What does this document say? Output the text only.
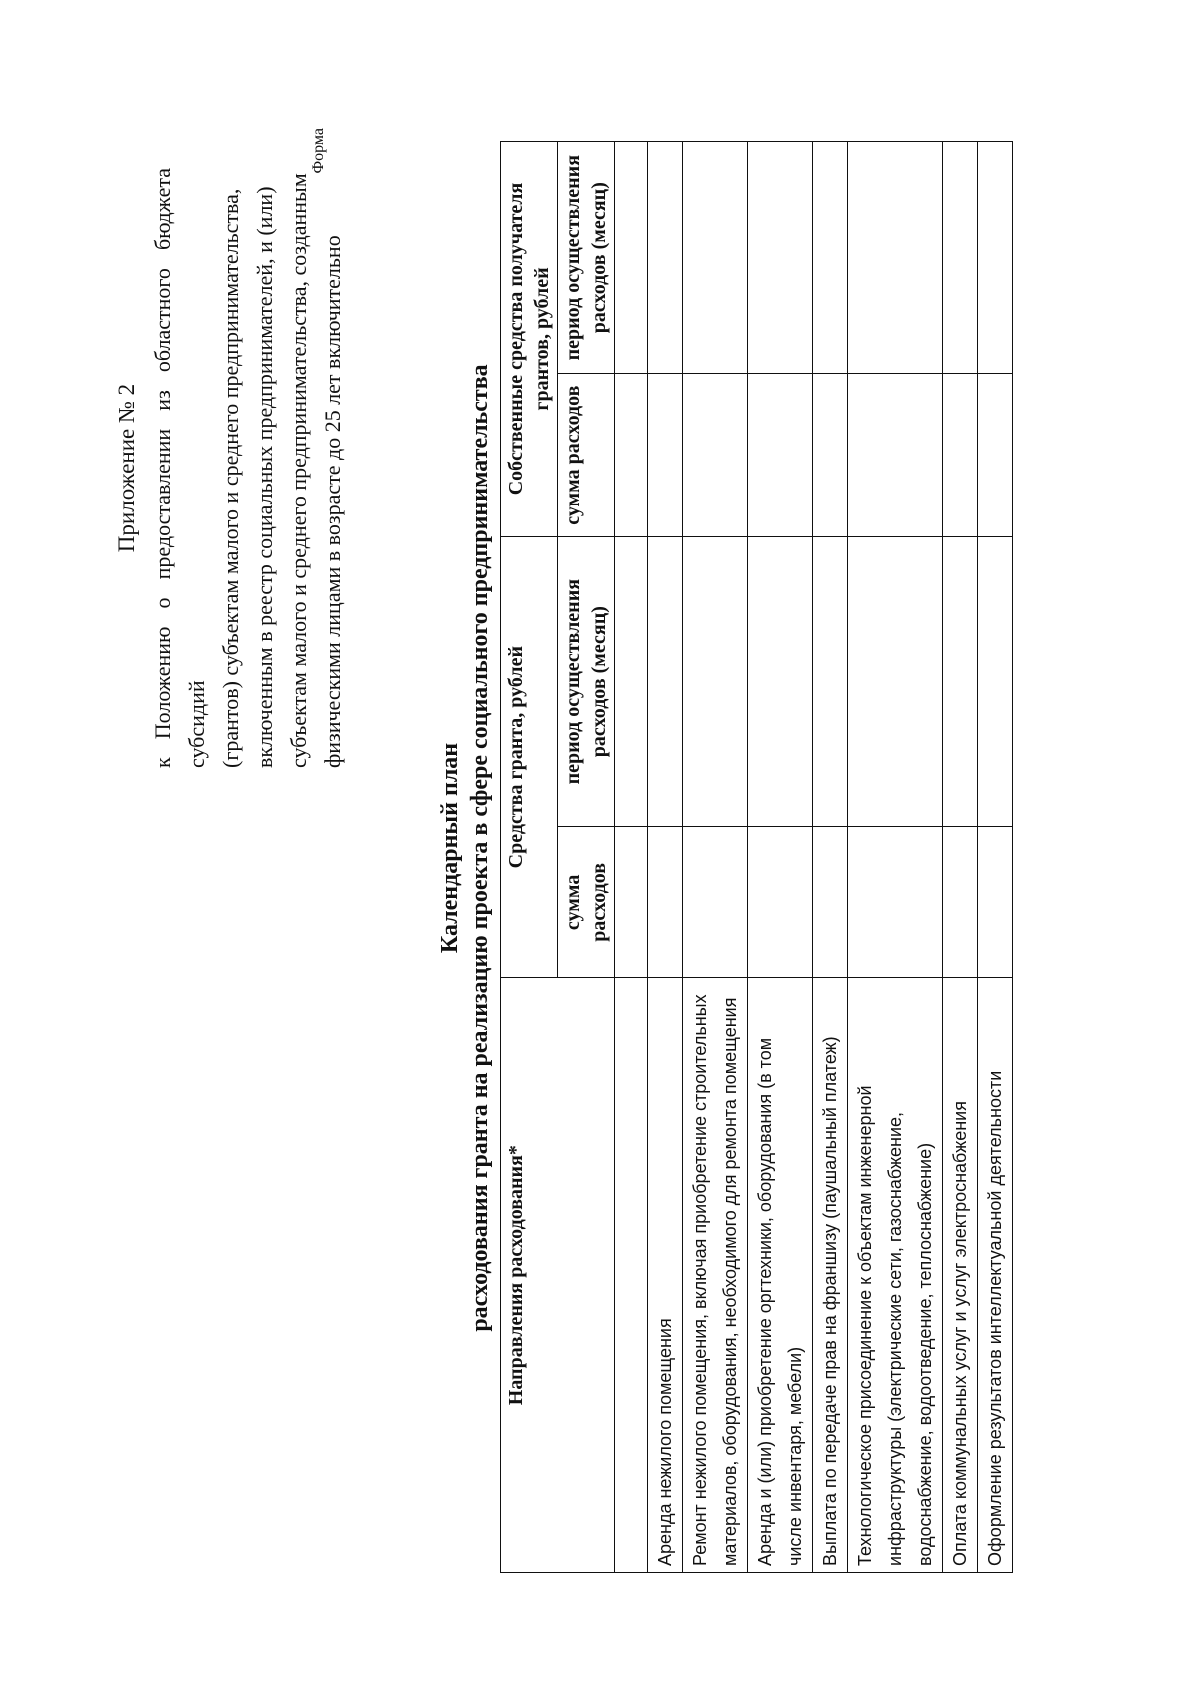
Приложение № 2 к Положению о предоставлении из областного бюджета субсидий (грантов) субъектам малого и среднего предпринимательства, включенным в реестр социальных предпринимателей, и (или) субъектам малого и среднего предпринимательства, созданным физическими лицами в возрасте до 25 лет включительно

Форма
Календарный план расходования гранта на реализацию проекта в сфере социального предпринимательства Направления расходования*	Средства гранта, рублей		Собственные средства получателя грантов, рублей	
	сумма расходов	период осуществления расходов (месяц)	сумма расходов	период осуществления расходов (месяц)

Аренда нежилого помещения				
Ремонт нежилого помещения, включая приобретение строительных материалов, оборудования, необходимого для ремонта помещения				
Аренда и (или) приобретение оргтехники, оборудования (в том числе инвентаря, мебели)				
Выплата по передаче прав на франшизу (паушальный платеж)				
Технологическое присоединение к объектам инженерной инфраструктуры (электрические сети, газоснабжение, водоснабжение, водоотведение, теплоснабжение)				
Оплата коммунальных услуг и услуг электроснабжения				
Оформление результатов интеллектуальной деятельности				
